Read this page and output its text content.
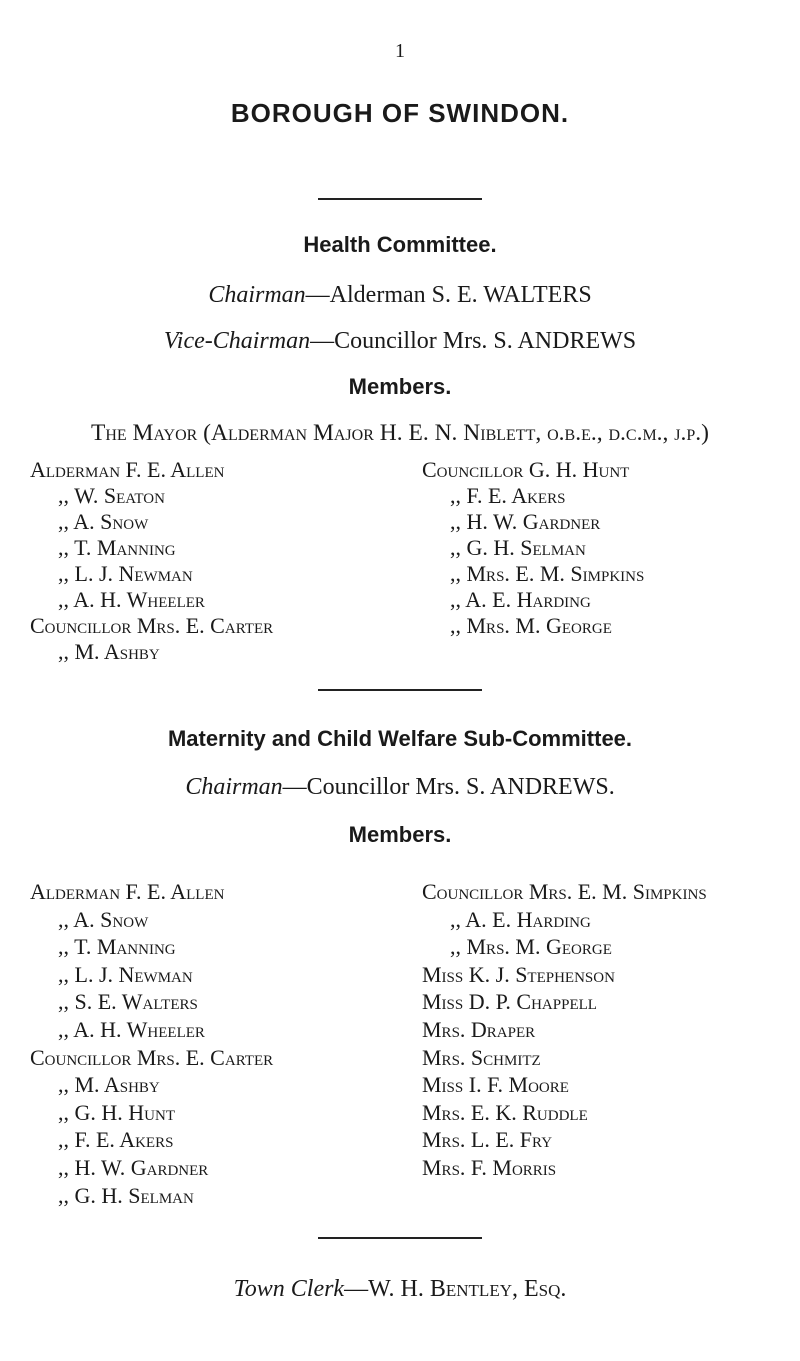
1
BOROUGH OF SWINDON.
Health Committee.
Chairman—Alderman S. E. WALTERS
Vice-Chairman—Councillor Mrs. S. ANDREWS
Members.
The Mayor (Alderman Major H. E. N. Niblett, o.b.e., d.c.m., j.p.)
Alderman F. E. Allen
,, W. Seaton
,, A. Snow
,, T. Manning
,, L. J. Newman
,, A. H. Wheeler
Councillor Mrs. E. Carter
,, M. Ashby
Councillor G. H. Hunt
,, F. E. Akers
,, H. W. Gardner
,, G. H. Selman
,, Mrs. E. M. Simpkins
,, A. E. Harding
,, Mrs. M. George
Maternity and Child Welfare Sub-Committee.
Chairman—Councillor Mrs. S. ANDREWS.
Members.
Alderman F. E. Allen
,, A. Snow
,, T. Manning
,, L. J. Newman
,, S. E. Walters
,, A. H. Wheeler
Councillor Mrs. E. Carter
,, M. Ashby
,, G. H. Hunt
,, F. E. Akers
,, H. W. Gardner
,, G. H. Selman
Councillor Mrs. E. M. Simpkins
,, A. E. Harding
,, Mrs. M. George
Miss K. J. Stephenson
Miss D. P. Chappell
Mrs. Draper
Mrs. Schmitz
Miss I. F. Moore
Mrs. E. K. Ruddle
Mrs. L. E. Fry
Mrs. F. Morris
Town Clerk—W. H. Bentley, Esq.
